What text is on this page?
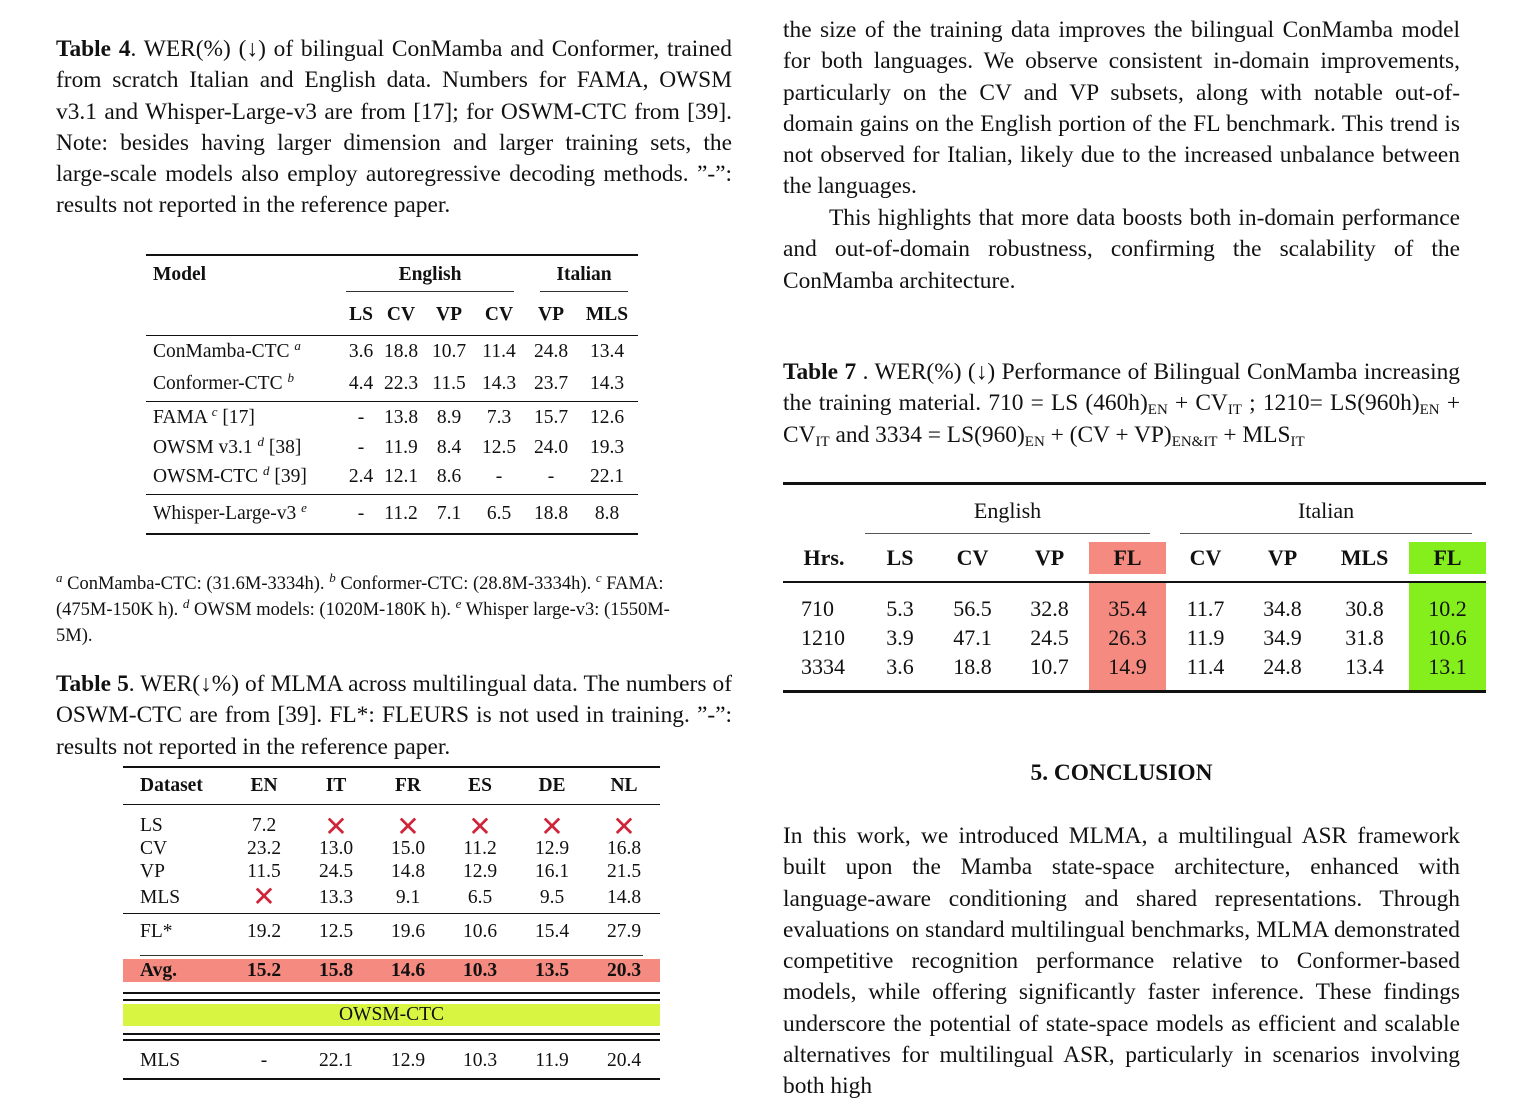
Table 4. WER(%) (↓) of bilingual ConMamba and Conformer, trained from scratch Italian and English data. Numbers for FAMA, OWSM v3.1 and Whisper-Large-v3 are from [17]; for OSWM-CTC from [39]. Note: besides having larger dimension and larger training sets, the large-scale models also employ autoregressive decoding methods. ”-”: results not reported in the reference paper.

Model		English			Italian	

	LS	CV	VP	CV	VP	MLS
ConMamba-CTC $^a$	3.6	18.8	10.7	11.4	24.8	13.4
Conformer-CTC $^b$	4.4	22.3	11.5	14.3	23.7	14.3
FAMA $^c$ [17]	-	13.8	8.9	7.3	15.7	12.6
OWSM v3.1 $^d$ [38]	-	11.9	8.4	12.5	24.0	19.3
OWSM-CTC $^d$ [39]	2.4	12.1	8.6	-	-	22.1
Whisper-Large-v3 $^e$	-	11.2	7.1	6.5	18.8	8.8

$^a$ ConMamba-CTC: (31.6M-3334h). $^b$ Conformer-CTC: (28.8M-3334h). $^c$ FAMA: (475M-150K h). $^d$ OWSM models: (1020M-180K h). $^e$ Whisper large-v3: (1550M-5M).

Table 5. WER(↓%) of MLMA across multilingual data. The numbers of OSWM-CTC are from [39]. FL*: FLEURS is not used in training. ”-”: results not reported in the reference paper.

Dataset	EN	IT	FR	ES	DE	NL
LS	7.2	✕	✕	✕	✕	✕
CV	23.2	13.0	15.0	11.2	12.9	16.8
VP	11.5	24.5	14.8	12.9	16.1	21.5
MLS	✕	13.3	9.1	6.5	9.5	14.8
FL*	19.2	12.5	19.6	10.6	15.4	27.9

Avg.	15.2	15.8	14.6	10.3	13.5	20.3

OWSM-CTC						

MLS	-	22.1	12.9	10.3	11.9	20.4

the size of the training data improves the bilingual ConMamba model for both languages. We observe consistent in-domain improvements, particularly on the CV and VP subsets, along with notable out-of-domain gains on the English portion of the FL benchmark. This trend is not observed for Italian, likely due to the increased unbalance between the languages.

This highlights that more data boosts both in-domain performance and out-of-domain robustness, confirming the scalability of the ConMamba architecture.

Table 7 . WER(%) (↓) Performance of Bilingual ConMamba increasing the training material. 710 = LS $(460h)_{EN} + CV_{IT}$ ; $1210= LS(960h)_{EN} + CV_{IT}$ and $3334 = LS(960)_{EN} + (CV + VP)_{EN\&IT} + MLS_{IT}$

	English				Italian			

Hrs.	LS	CV	VP	FL	CV	VP	MLS	FL

710	5.3	56.5	32.8	35.4	11.7	34.8	30.8	10.2
1210	3.9	47.1	24.5	26.3	11.9	34.9	31.8	10.6
3334	3.6	18.8	10.7	14.9	11.4	24.8	13.4	13.1
5. CONCLUSION

In this work, we introduced MLMA, a multilingual ASR framework built upon the Mamba state-space architecture, enhanced with language-aware conditioning and shared representations. Through evaluations on standard multilingual benchmarks, MLMA demonstrated competitive recognition performance relative to Conformer-based models, while offering significantly faster inference. These findings underscore the potential of state-space models as efficient and scalable alternatives for multilingual ASR, particularly in scenarios involving both high
